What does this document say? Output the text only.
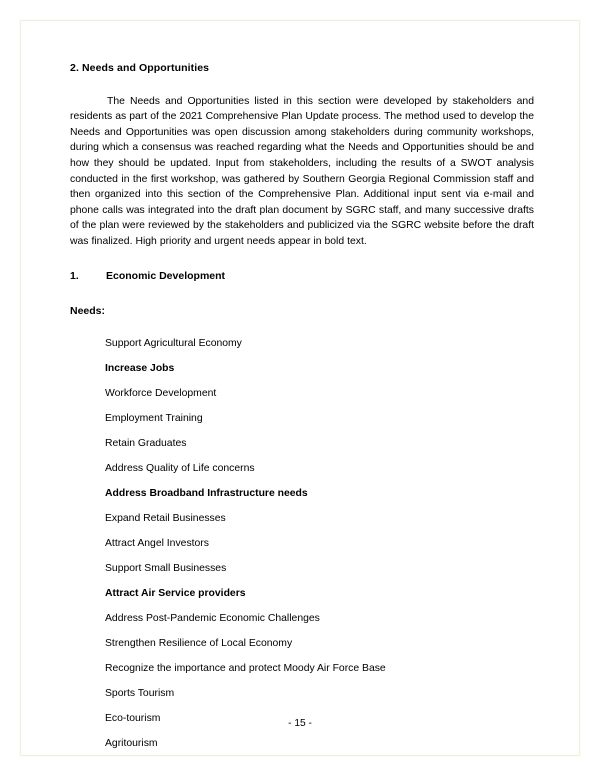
2. Needs and Opportunities

The Needs and Opportunities listed in this section were developed by stakeholders and residents as part of the 2021 Comprehensive Plan Update process. The method used to develop the Needs and Opportunities was open discussion among stakeholders during community workshops, during which a consensus was reached regarding what the Needs and Opportunities should be and how they should be updated. Input from stakeholders, including the results of a SWOT analysis conducted in the first workshop, was gathered by Southern Georgia Regional Commission staff and then organized into this section of the Comprehensive Plan. Additional input sent via e-mail and phone calls was integrated into the draft plan document by SGRC staff, and many successive drafts of the plan were reviewed by the stakeholders and publicized via the SGRC website before the draft was finalized. High priority and urgent needs appear in bold text.

1.	Economic Development
Needs:
Support Agricultural Economy
Increase Jobs
Workforce Development
Employment Training
Retain Graduates
Address Quality of Life concerns
Address Broadband Infrastructure needs
Expand Retail Businesses
Attract Angel Investors
Support Small Businesses
Attract Air Service providers
Address Post-Pandemic Economic Challenges
Strengthen Resilience of Local Economy
Recognize the importance and protect Moody Air Force Base
Sports Tourism
Eco-tourism
Agritourism
- 15 -
